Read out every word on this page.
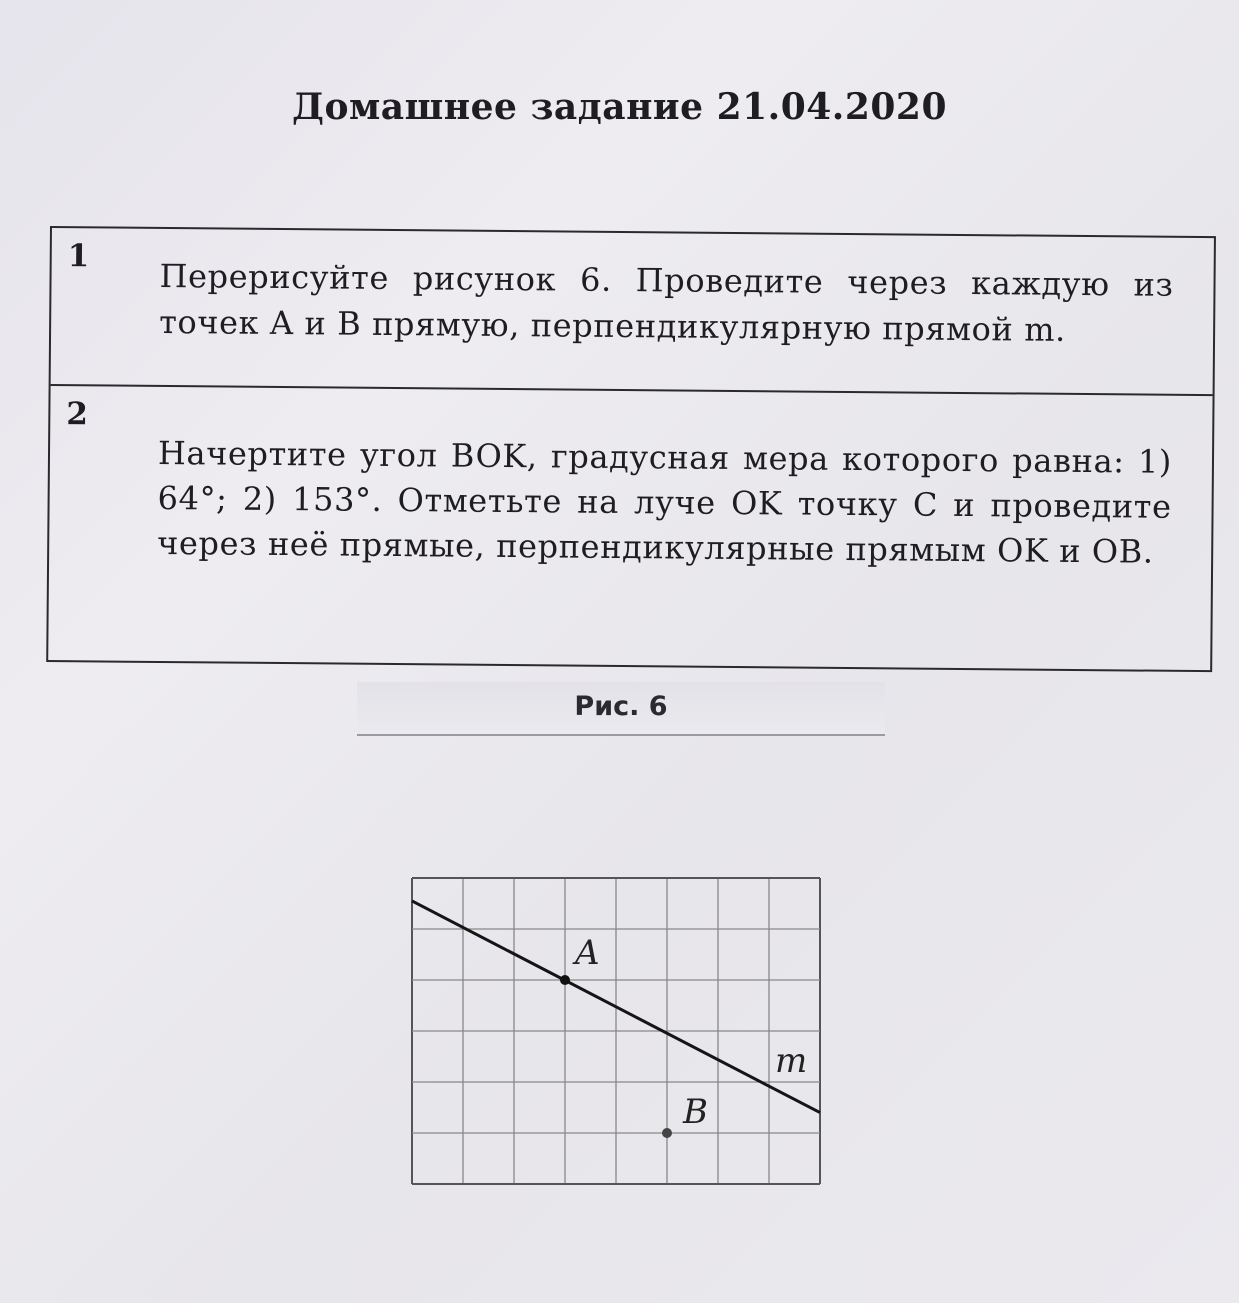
Домашнее задание 21.04.2020
1
Перерисуйте рисунок 6. Проведите через каждую из точек A и B прямую, перпендикулярную прямой m.
2
Начертите угол BOK, градусная мера которого равна: 1) 64°; 2) 153°. Отметьте на луче OK точку C и проведите через неё прямые, перпендикулярные прямым OK и OB.
Рис. 6
A
B
m
